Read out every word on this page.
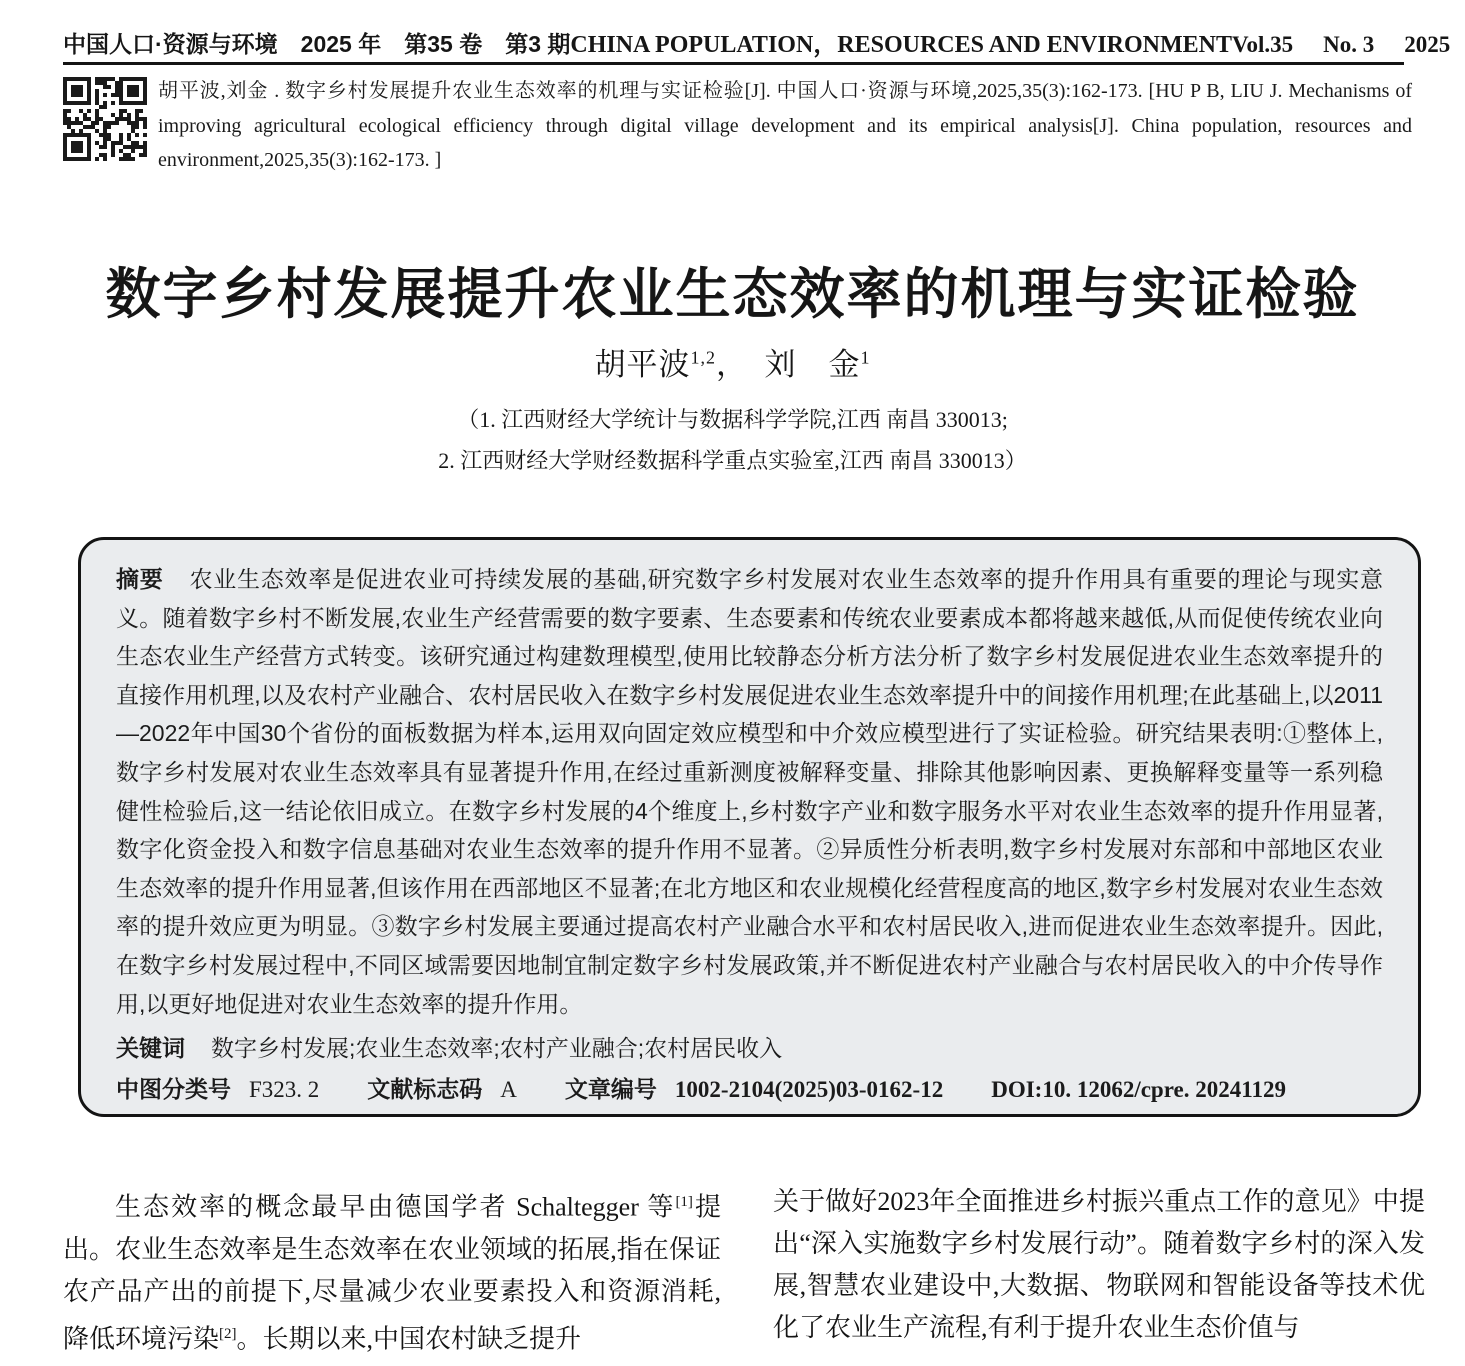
中国人口·资源与环境　2025 年　第35 卷　第3 期 CHINA POPULATION，RESOURCES AND ENVIRONMENT Vol.35 No. 3 2025

胡平波,刘金 . 数字乡村发展提升农业生态效率的机理与实证检验[J]. 中国人口·资源与环境,2025,35(3):162-173. [HU P B, LIU J. Mechanisms of improving agricultural ecological efficiency through digital village development and its empirical analysis[J]. China population, resources and environment,2025,35(3):162-173. ]

数字乡村发展提升农业生态效率的机理与实证检验
胡平波$^{1,2}$，　刘　金$^1$
（1. 江西财经大学统计与数据科学学院,江西 南昌 330013;
2. 江西财经大学财经数据科学重点实验室,江西 南昌 330013）

摘要 农业生态效率是促进农业可持续发展的基础,研究数字乡村发展对农业生态效率的提升作用具有重要的理论与现实意义。随着数字乡村不断发展,农业生产经营需要的数字要素、生态要素和传统农业要素成本都将越来越低,从而促使传统农业向生态农业生产经营方式转变。该研究通过构建数理模型,使用比较静态分析方法分析了数字乡村发展促进农业生态效率提升的直接作用机理,以及农村产业融合、农村居民收入在数字乡村发展促进农业生态效率提升中的间接作用机理;在此基础上,以2011—2022年中国30个省份的面板数据为样本,运用双向固定效应模型和中介效应模型进行了实证检验。研究结果表明:①整体上,数字乡村发展对农业生态效率具有显著提升作用,在经过重新测度被解释变量、排除其他影响因素、更换解释变量等一系列稳健性检验后,这一结论依旧成立。在数字乡村发展的4个维度上,乡村数字产业和数字服务水平对农业生态效率的提升作用显著,数字化资金投入和数字信息基础对农业生态效率的提升作用不显著。②异质性分析表明,数字乡村发展对东部和中部地区农业生态效率的提升作用显著,但该作用在西部地区不显著;在北方地区和农业规模化经营程度高的地区,数字乡村发展对农业生态效率的提升效应更为明显。③数字乡村发展主要通过提高农村产业融合水平和农村居民收入,进而促进农业生态效率提升。因此,在数字乡村发展过程中,不同区域需要因地制宜制定数字乡村发展政策,并不断促进农村产业融合与农村居民收入的中介传导作用,以更好地促进对农业生态效率的提升作用。

关键词 数字乡村发展;农业生态效率;农村产业融合;农村居民收入

中图分类号 F323. 2 文献标志码 A 文章编号 1002-2104(2025)03-0162-12 DOI:10. 12062/cpre. 20241129

生态效率的概念最早由德国学者 Schaltegger 等[1]提出。农业生态效率是生态效率在农业领域的拓展,指在保证农产品产出的前提下,尽量减少农业要素投入和资源消耗,降低环境污染[2]。长期以来,中国农村缺乏提升

关于做好2023年全面推进乡村振兴重点工作的意见》中提出“深入实施数字乡村发展行动”。随着数字乡村的深入发展,智慧农业建设中,大数据、物联网和智能设备等技术优化了农业生产流程,有利于提升农业生态价值与
